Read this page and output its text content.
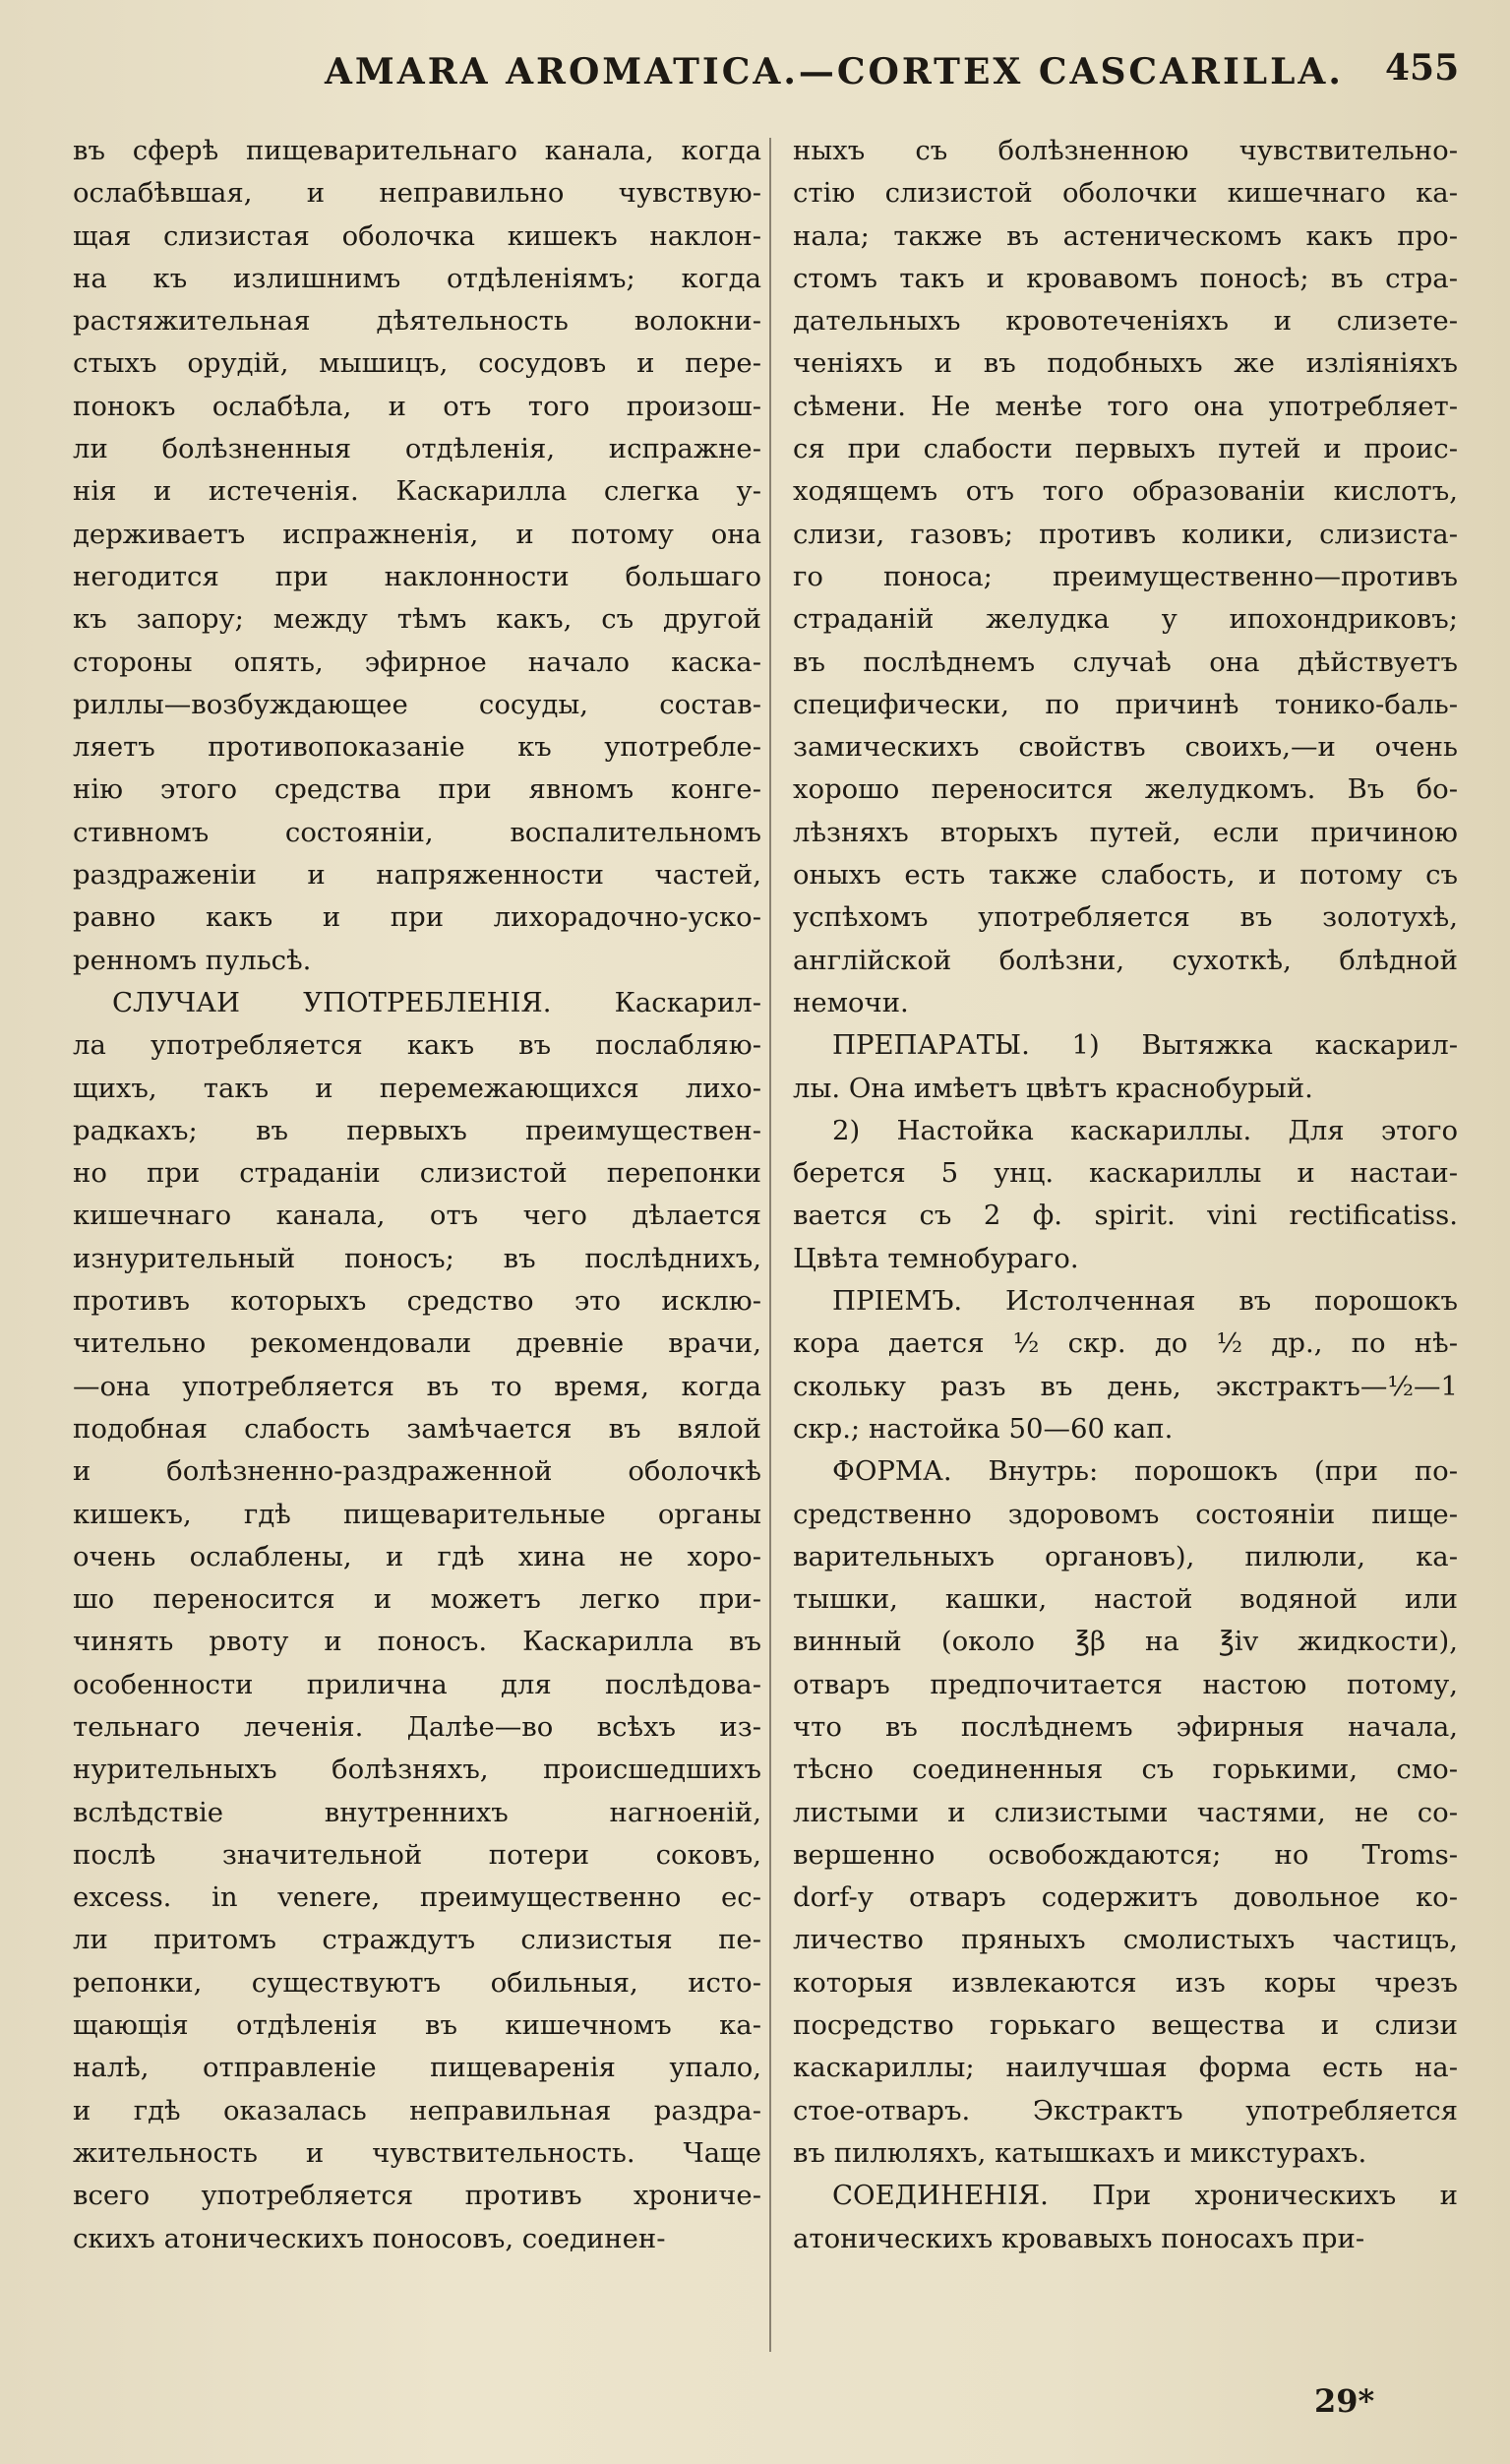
AMARA AROMATICA.—CORTEX CASCARILLA. 455
въ сферѣ пищеварительнаго канала, когда
ослабѣвшая, и неправильно чувствую-
щая слизистая оболочка кишекъ наклон-
на къ излишнимъ отдѣленіямъ; когда
растяжительная дѣятельность волокни-
стыхъ орудій, мышицъ, сосудовъ и пере-
понокъ ослабѣла, и отъ того произош-
ли болѣзненныя отдѣленія, испражне-
нія и истеченія. Каскарилла слегка у-
держиваетъ испражненія, и потому она
негодится при наклонности большаго
къ запору; между тѣмъ какъ, съ другой
стороны опять, эфирное начало каска-
риллы—возбуждающее сосуды, состав-
ляетъ противопоказаніе къ употребле-
нію этого средства при явномъ конге-
стивномъ состояніи, воспалительномъ
раздраженіи и напряженности частей,
равно какъ и при лихорадочно-уско-
ренномъ пульсѣ.
СЛУЧАИ УПОТРЕБЛЕНІЯ. Каскарил-
ла употребляется какъ въ послабляю-
щихъ, такъ и перемежающихся лихо-
радкахъ; въ первыхъ преимуществен-
но при страданіи слизистой перепонки
кишечнаго канала, отъ чего дѣлается
изнурительный поносъ; въ послѣднихъ,
противъ которыхъ средство это исклю-
чительно рекомендовали древніе врачи,
—она употребляется въ то время, когда
подобная слабость замѣчается въ вялой
и болѣзненно-раздраженной оболочкѣ
кишекъ, гдѣ пищеварительные органы
очень ослаблены, и гдѣ хина не хоро-
шо переносится и можетъ легко при-
чинять рвоту и поносъ. Каскарилла въ
особенности прилична для послѣдова-
тельнаго леченія. Далѣе—во всѣхъ из-
нурительныхъ болѣзняхъ, происшедшихъ
вслѣдствіе внутреннихъ нагноеній,
послѣ значительной потери соковъ,
excess. in venere, преимущественно ес-
ли притомъ страждутъ слизистыя пе-
репонки, существуютъ обильныя, исто-
щающія отдѣленія въ кишечномъ ка-
налѣ, отправленіе пищеваренія упало,
и гдѣ оказалась неправильная раздра-
жительность и чувствительность. Чаще
всего употребляется противъ хрониче-
скихъ атоническихъ поносовъ, соединен-
ныхъ съ болѣзненною чувствительно-
стію слизистой оболочки кишечнаго ка-
нала; также въ астеническомъ какъ про-
стомъ такъ и кровавомъ поносѣ; въ стра-
дательныхъ кровотеченіяхъ и слизете-
ченіяхъ и въ подобныхъ же изліяніяхъ
сѣмени. Не менѣе того она употребляет-
ся при слабости первыхъ путей и проис-
ходящемъ отъ того образованіи кислотъ,
слизи, газовъ; противъ колики, слизиста-
го поноса; преимущественно—противъ
страданій желудка у ипохондриковъ;
въ послѣднемъ случаѣ она дѣйствуетъ
специфически, по причинѣ тонико-баль-
замическихъ свойствъ своихъ,—и очень
хорошо переносится желудкомъ. Въ бо-
лѣзняхъ вторыхъ путей, если причиною
оныхъ есть также слабость, и потому съ
успѣхомъ употребляется въ золотухѣ,
англійской болѣзни, сухоткѣ, блѣдной
немочи.
ПРЕПАРАТЫ. 1) Вытяжка каскарил-
лы. Она имѣетъ цвѣтъ краснобурый.
2) Настойка каскариллы. Для этого
берется 5 унц. каскариллы и настаи-
вается съ 2 ф. spirit. vini rectificatiss.
Цвѣта темнобураго.
ПРІЕМЪ. Истолченная въ порошокъ
кора дается ½ скр. до ½ др., по нѣ-
скольку разъ въ день, экстрактъ—½—1
скр.; настойка 50—60 кап.
ФОРМА. Внутрь: порошокъ (при по-
средственно здоровомъ состояніи пище-
варительныхъ органовъ), пилюли, ка-
тышки, кашки, настой водяной или
винный (около ℥β на ℥iv жидкости),
отваръ предпочитается настою потому,
что въ послѣднемъ эфирныя начала,
тѣсно соединенныя съ горькими, смо-
листыми и слизистыми частями, не со-
вершенно освобождаются; но Troms-
dorf-у отваръ содержитъ довольное ко-
личество пряныхъ смолистыхъ частицъ,
которыя извлекаются изъ коры чрезъ
посредство горькаго вещества и слизи
каскариллы; наилучшая форма есть на-
стое-отваръ. Экстрактъ употребляется
въ пилюляхъ, катышкахъ и микстурахъ.
СОЕДИНЕНІЯ. При хроническихъ и
атоническихъ кровавыхъ поносахъ при-
29*
